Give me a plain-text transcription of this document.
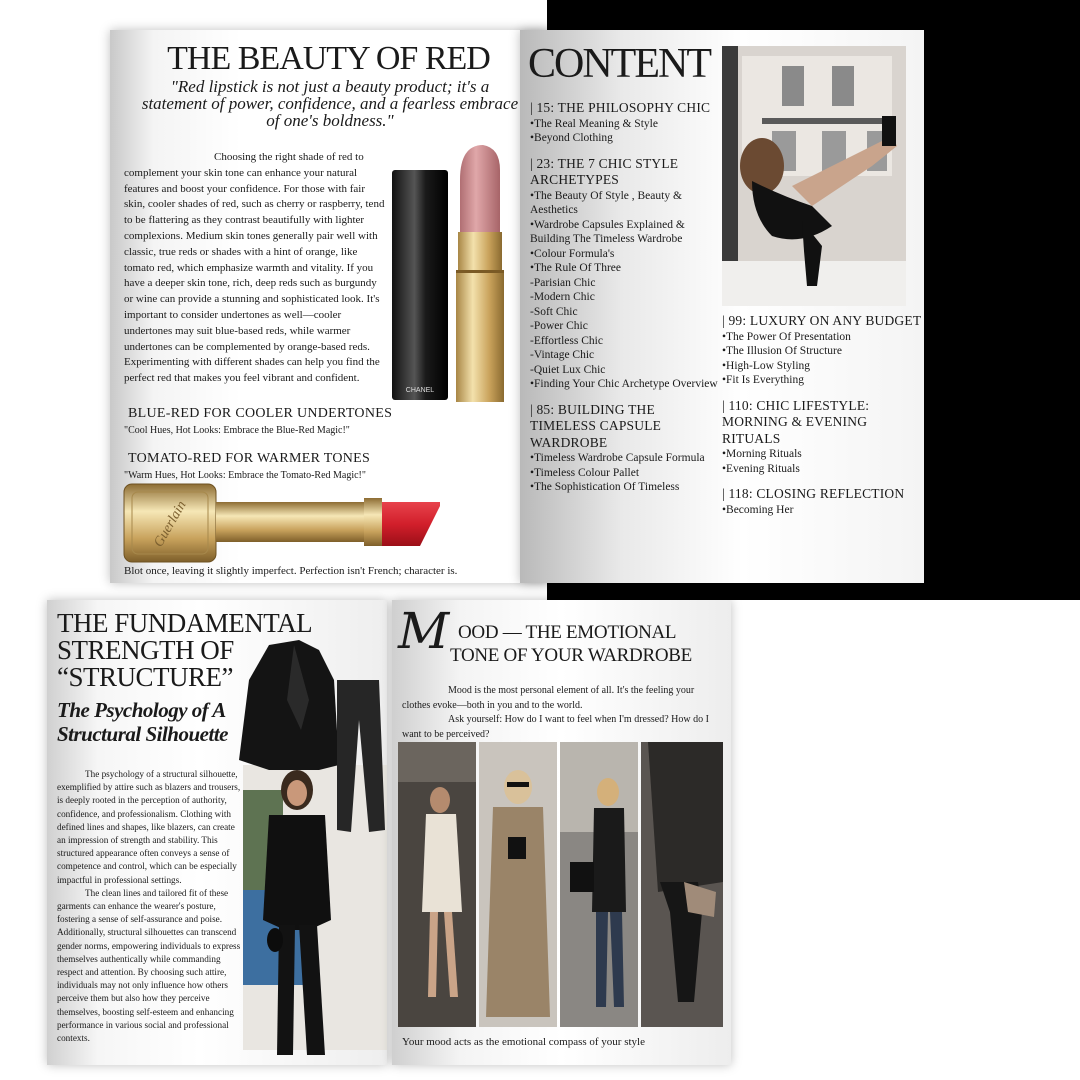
THE BEAUTY OF RED
"Red lipstick is not just a beauty product; it's a statement of power, confidence, and a fearless embrace of one's boldness."

Choosing the right shade of red to complement your skin tone can enhance your natural features and boost your confidence. For those with fair skin, cooler shades of red, such as cherry or raspberry, tend to be flattering as they contrast beautifully with lighter complexions. Medium skin tones generally pair well with classic, true reds or shades with a hint of orange, like tomato red, which emphasize warmth and vitality. If you have a deeper skin tone, rich, deep reds such as burgundy or wine can provide a stunning and sophisticated look. It's important to consider undertones as well—cooler undertones may suit blue-based reds, while warmer undertones can be complemented by orange-based reds. Experimenting with different shades can help you find the perfect red that makes you feel vibrant and confident.

CHANEL
BLUE-RED FOR COOLER UNDERTONES
"Cool Hues, Hot Looks: Embrace the Blue-Red Magic!"
TOMATO-RED FOR WARMER TONES
"Warm Hues, Hot Looks: Embrace the Tomato-Red Magic!"
Guerlain
Blot once, leaving it slightly imperfect. Perfection isn't French; character is.
CONTENT
| 15: THE PHILOSOPHY CHIC
•The Real Meaning & Style
•Beyond Clothing
| 23: THE 7 CHIC STYLE ARCHETYPES
•The Beauty Of Style , Beauty & Aesthetics
•Wardrobe Capsules Explained & Building The Timeless Wardrobe
•Colour Formula's
•The Rule Of Three
-Parisian Chic
-Modern Chic
-Soft Chic
-Power Chic
-Effortless Chic
-Vintage Chic
-Quiet Lux Chic
•Finding Your Chic Archetype Overview
| 85: BUILDING THE TIMELESS CAPSULE WARDROBE
•Timeless Wardrobe Capsule Formula
•Timeless Colour Pallet
•The Sophistication Of Timeless
| 99: LUXURY ON ANY BUDGET
•The Power Of Presentation
•The Illusion Of Structure
•High-Low Styling
•Fit Is Everything
| 110: CHIC LIFESTYLE: MORNING & EVENING RITUALS
•Morning Rituals
•Evening Rituals
| 118: CLOSING REFLECTION
•Becoming Her
THE FUNDAMENTAL
STRENGTH OF
“STRUCTURE”
The Psychology of A
Structural Silhouette

The psychology of a structural silhouette, exemplified by attire such as blazers and trousers, is deeply rooted in the perception of authority, confidence, and professionalism. Clothing with defined lines and shapes, like blazers, can create an impression of strength and stability. This structured appearance often conveys a sense of competence and control, which can be especially impactful in professional settings.

The clean lines and tailored fit of these garments can enhance the wearer's posture, fostering a sense of self-assurance and poise. Additionally, structural silhouettes can transcend gender norms, empowering individuals to express themselves authentically while commanding respect and attention. By choosing such attire, individuals may not only influence how others perceive them but also how they perceive themselves, boosting self-esteem and enhancing performance in various social and professional contexts.

M OOD — THE EMOTIONAL
TONE OF YOUR WARDROBE

Mood is the most personal element of all. It's the feeling your clothes evoke—both in you and to the world.

Ask yourself: How do I want to feel when I'm dressed? How do I want to be perceived?

Your mood acts as the emotional compass of your style
